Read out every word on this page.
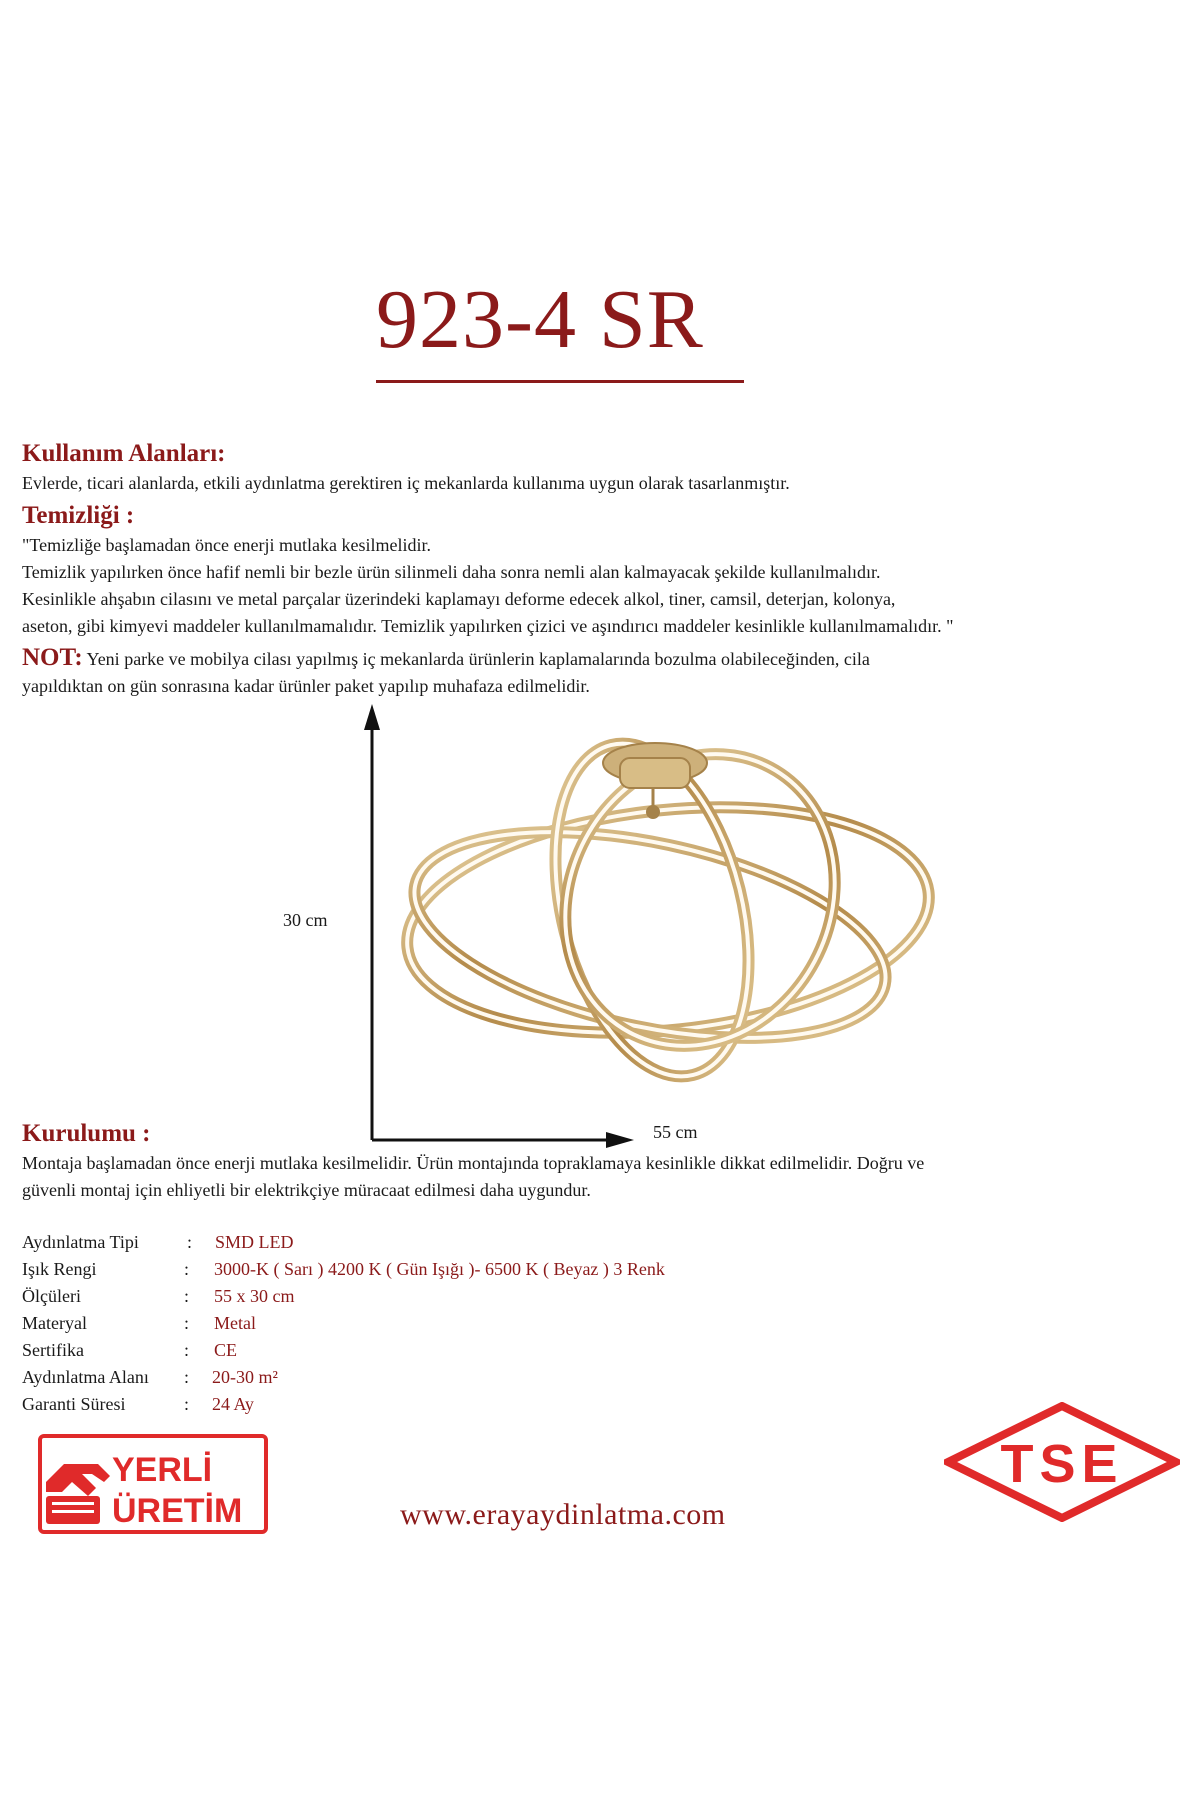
923-4 SR
Kullanım Alanları:
Evlerde, ticari alanlarda, etkili aydınlatma gerektiren iç mekanlarda kullanıma uygun olarak tasarlanmıştır.
Temizliği :
"Temizliğe başlamadan önce enerji mutlaka kesilmelidir.
Temizlik yapılırken önce hafif nemli bir bezle ürün silinmeli daha sonra nemli alan kalmayacak şekilde kullanılmalıdır.
Kesinlikle ahşabın cilasını ve metal parçalar üzerindeki kaplamayı deforme edecek alkol, tiner, camsil, deterjan, kolonya,
aseton, gibi kimyevi maddeler kullanılmamalıdır. Temizlik yapılırken çizici ve aşındırıcı maddeler kesinlikle kullanılmamalıdır. "
NOT: Yeni parke ve mobilya cilası yapılmış iç mekanlarda ürünlerin kaplamalarında bozulma olabileceğinden, cila
yapıldıktan on gün sonrasına kadar ürünler paket yapılıp muhafaza edilmelidir.
30 cm
55 cm
Kurulumu :
Montaja başlamadan önce enerji mutlaka kesilmelidir. Ürün montajında topraklamaya kesinlikle dikkat edilmelidir. Doğru ve
güvenli montaj için ehliyetli bir elektrikçiye müracaat edilmesi daha uygundur.
Aydınlatma Tipi	: SMD LED
Işık Rengi	: 3000-K ( Sarı ) 4200 K ( Gün Işığı )- 6500 K ( Beyaz ) 3 Renk
Ölçüleri	: 55 x 30 cm
Materyal	: Metal
Sertifika	: CE
Aydınlatma Alanı : 20-30 m²
Garanti Süresi	: 24 Ay
YERLİ
ÜRETİM	www.erayaydinlatma.com
TSE
